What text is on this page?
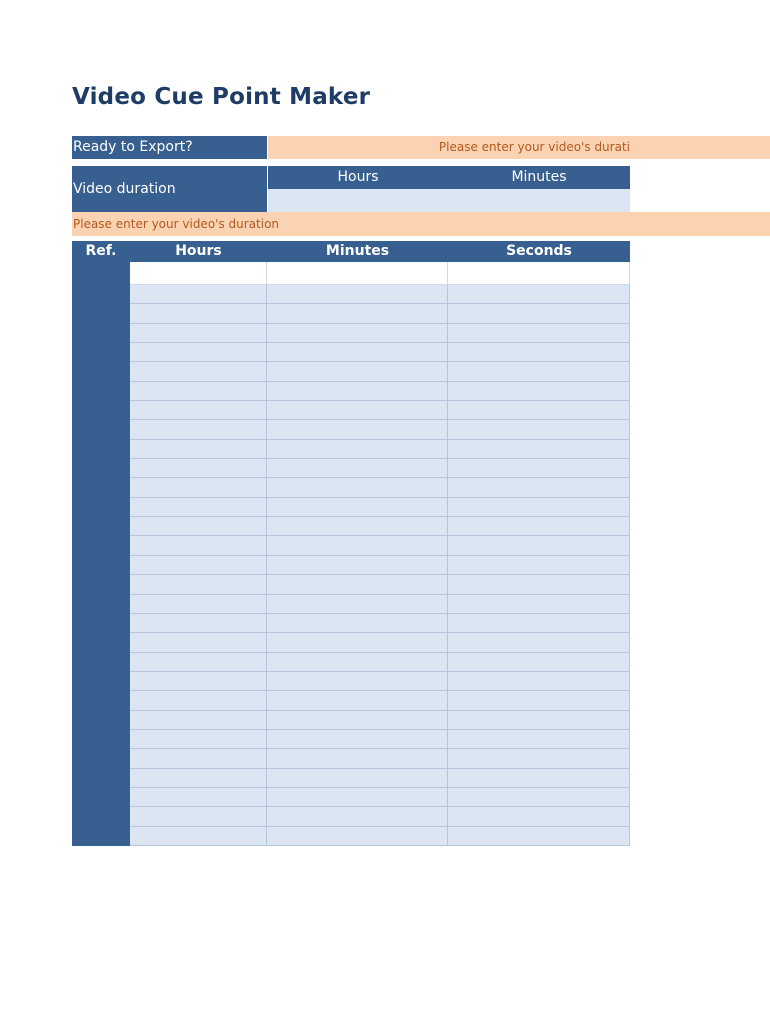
Video Cue Point Maker
Ready to Export?	Please enter your video's durati
Video duration
Hours	Minutes
Please enter your video's duration
Ref.	Hours	Minutes	Seconds
